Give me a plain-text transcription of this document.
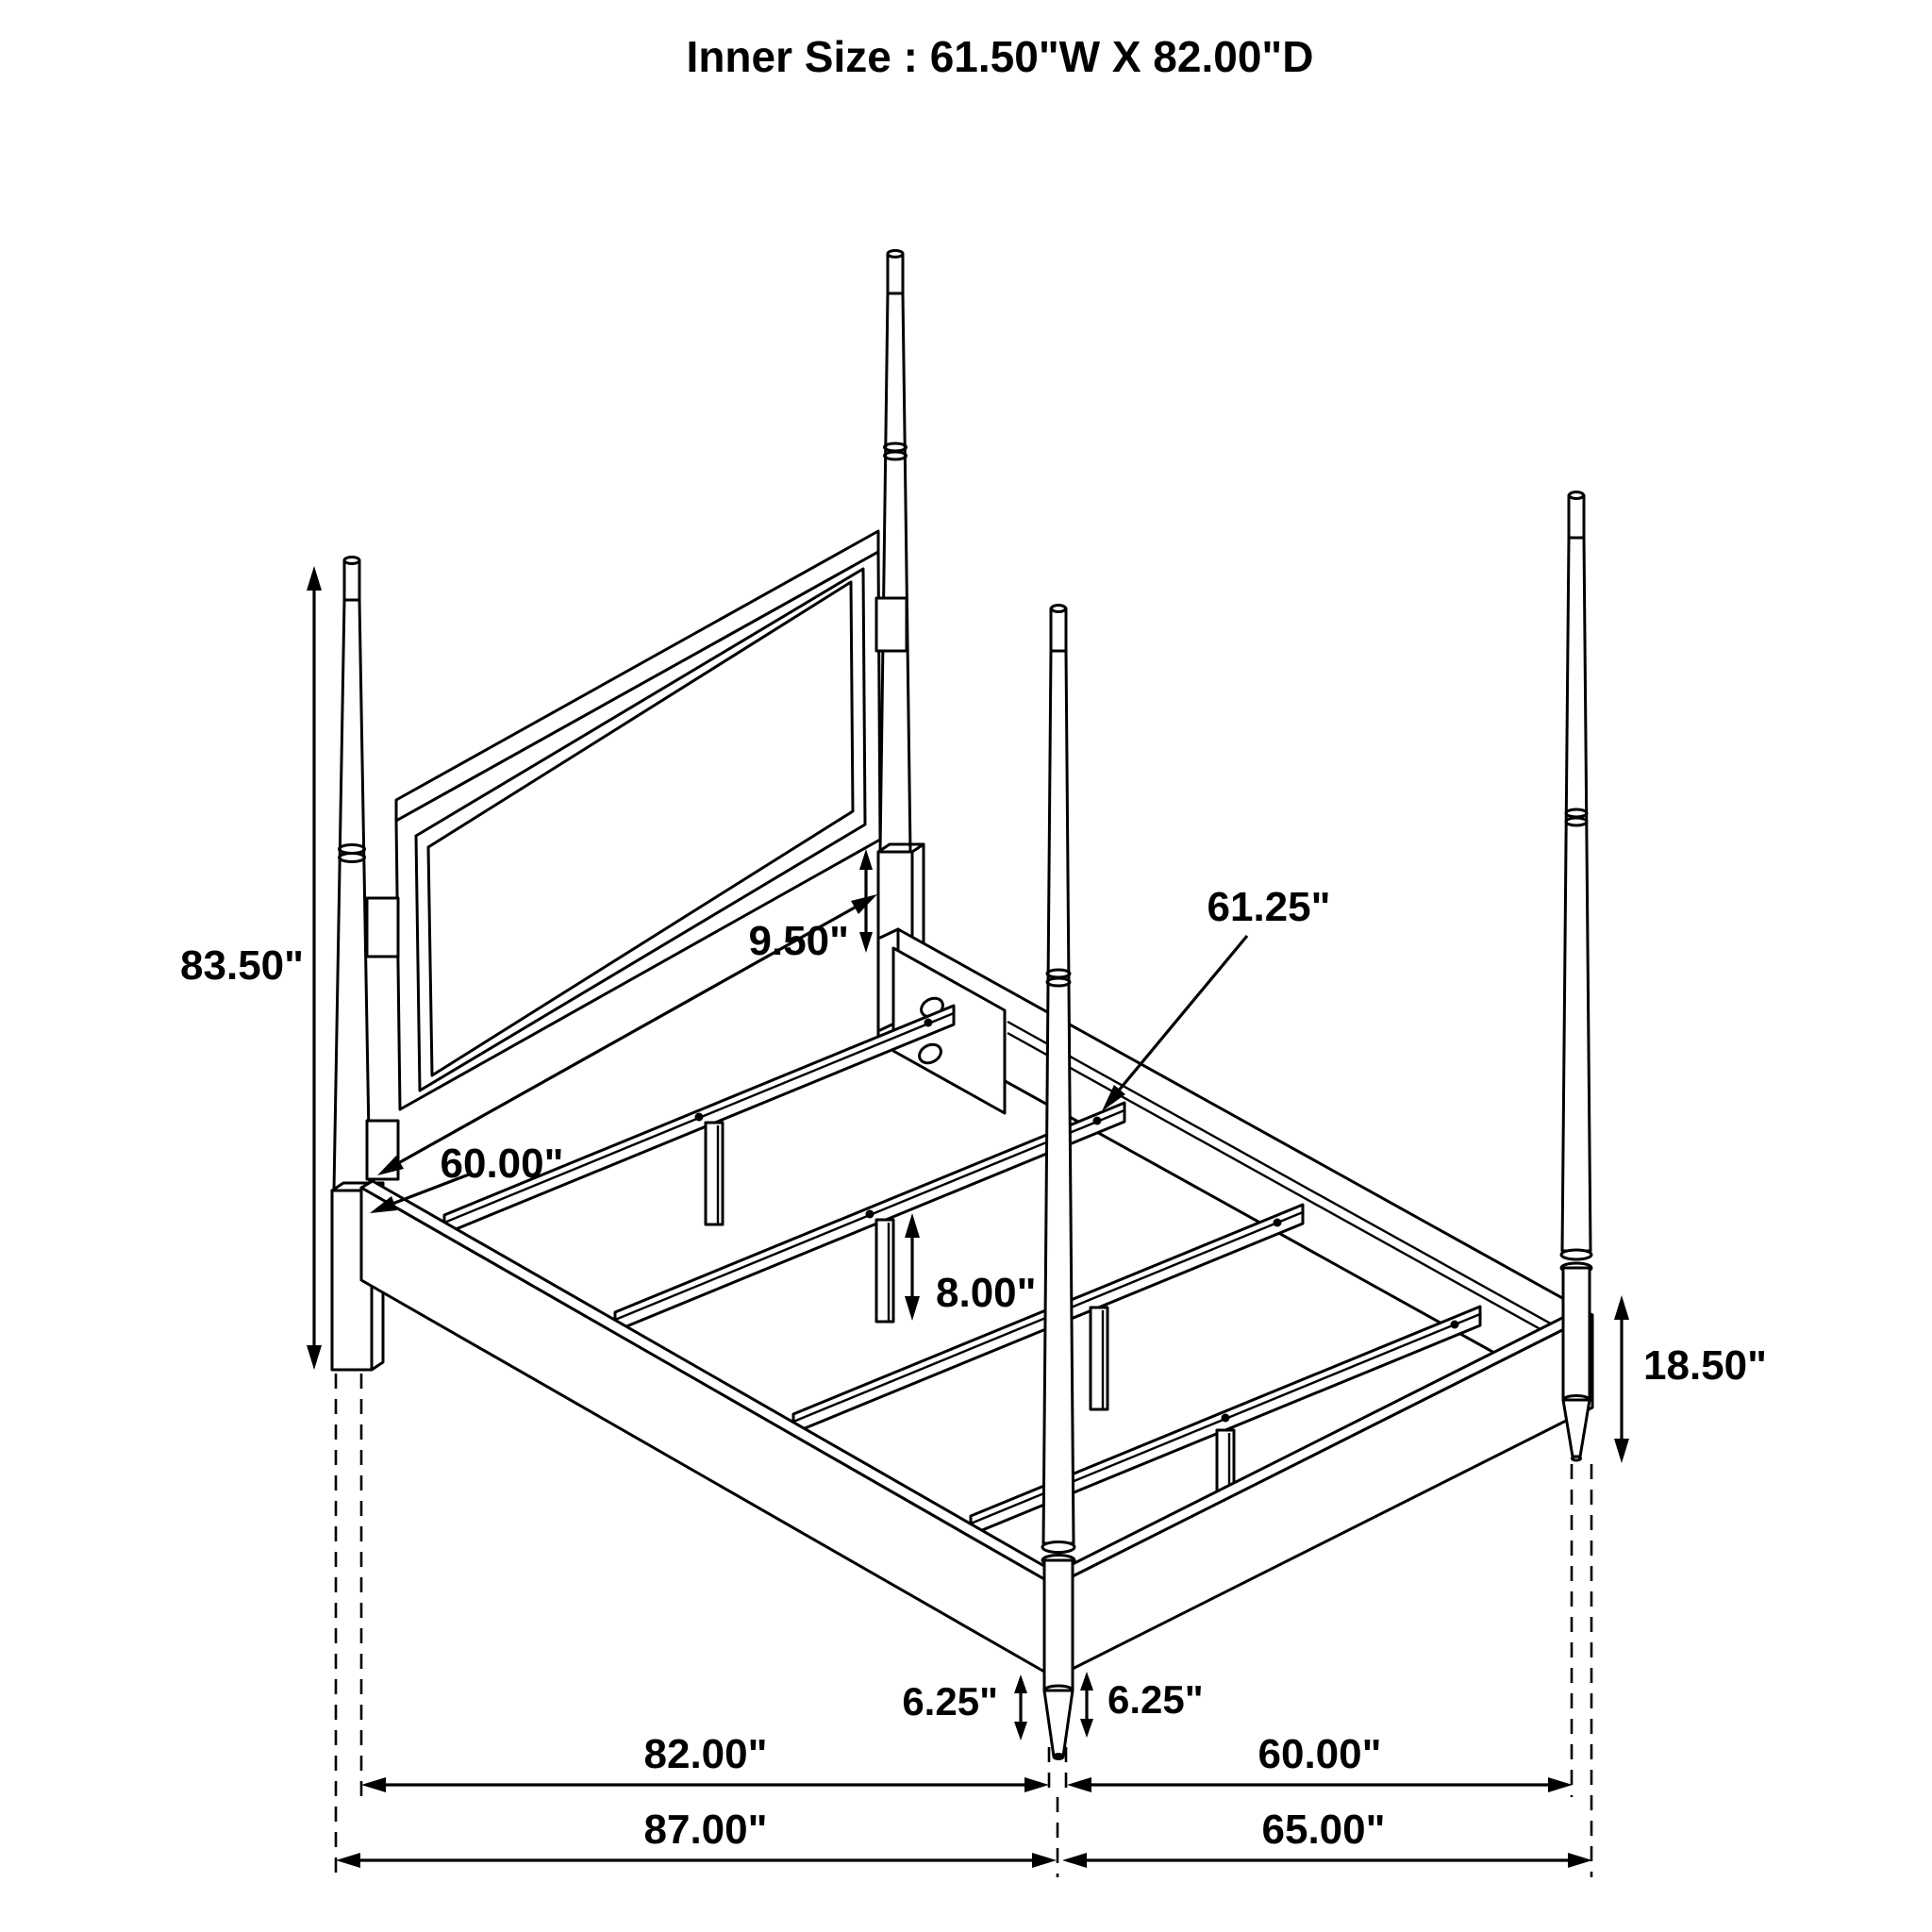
83.50"
9.50"
60.00"
61.25"
8.00"
18.50"
6.25"	6.25"
82.00"	60.00"
87.00"	65.00"
Inner Size : 61.50"W X 82.00"D
